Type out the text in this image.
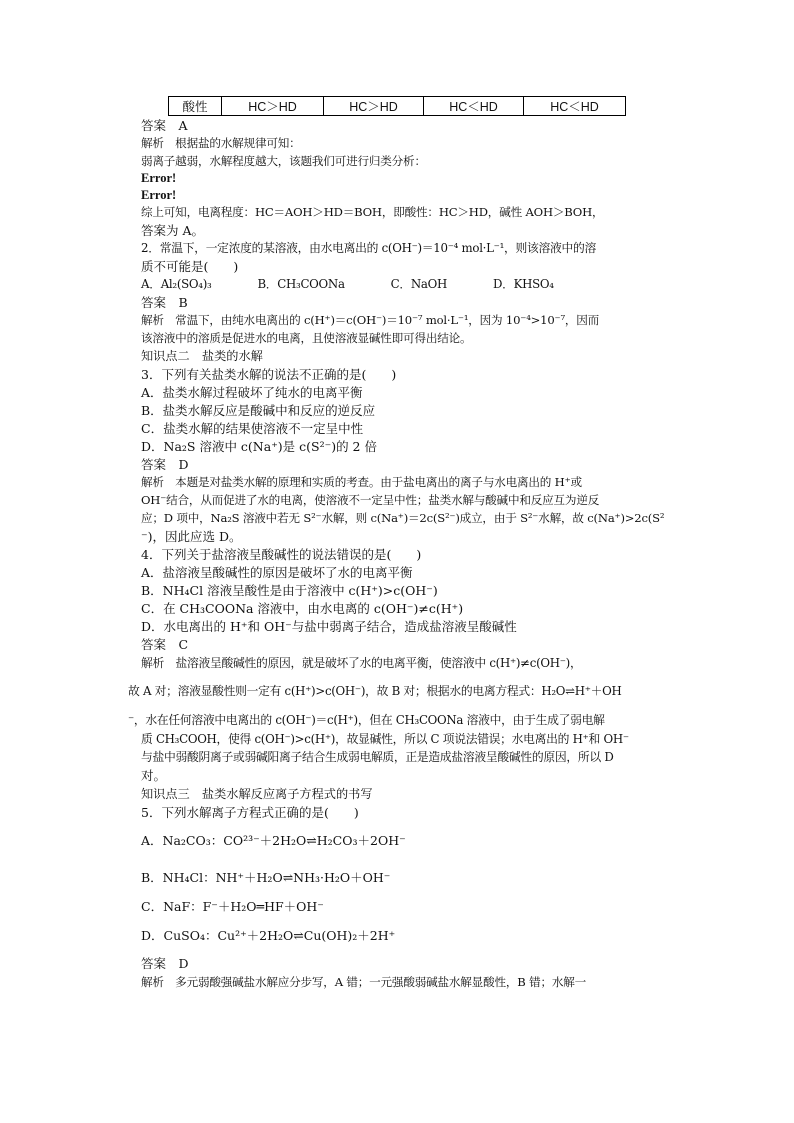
酸性	HC＞HD	HC＞HD	HC＜HD	HC＜HD
答案　A
解析　根据盐的水解规律可知：
弱离子越弱，水解程度越大，该题我们可进行归类分析：
Error!
Error!
综上可知，电离程度：HC＝AOH＞HD＝BOH，即酸性：HC＞HD，碱性 AOH＞BOH，
答案为 A。
2．常温下，一定浓度的某溶液，由水电离出的 c(OH⁻)＝10⁻⁴ mol·L⁻¹，则该溶液中的溶
质不可能是(　　)
A．Al₂(SO₄)₃　　　　B．CH₃COONa　　　　C．NaOH　　　　D．KHSO₄
答案　B
解析　常温下，由纯水电离出的 c(H⁺)＝c(OH⁻)＝10⁻⁷ mol·L⁻¹，因为 10⁻⁴>10⁻⁷，因而
该溶液中的溶质是促进水的电离，且使溶液显碱性即可得出结论。
知识点二　盐类的水解
3．下列有关盐类水解的说法不正确的是(　　)
A．盐类水解过程破坏了纯水的电离平衡
B．盐类水解反应是酸碱中和反应的逆反应
C．盐类水解的结果使溶液不一定呈中性
D．Na₂S 溶液中 c(Na⁺)是 c(S²⁻)的 2 倍
答案　D
解析　本题是对盐类水解的原理和实质的考查。由于盐电离出的离子与水电离出的 H⁺或
OH⁻结合，从而促进了水的电离，使溶液不一定呈中性；盐类水解与酸碱中和反应互为逆反
应；D 项中，Na₂S 溶液中若无 S²⁻水解，则 c(Na⁺)＝2c(S²⁻)成立，由于 S²⁻水解，故 c(Na⁺)>2c(S²
⁻)，因此应选 D。
4．下列关于盐溶液呈酸碱性的说法错误的是(　　)
A．盐溶液呈酸碱性的原因是破坏了水的电离平衡
B．NH₄Cl 溶液呈酸性是由于溶液中 c(H⁺)>c(OH⁻)
C．在 CH₃COONa 溶液中，由水电离的 c(OH⁻)≠c(H⁺)
D．水电离出的 H⁺和 OH⁻与盐中弱离子结合，造成盐溶液呈酸碱性
答案　C
解析　盐溶液呈酸碱性的原因，就是破坏了水的电离平衡，使溶液中 c(H⁺)≠c(OH⁻)，
故 A 对；溶液显酸性则一定有 c(H⁺)>c(OH⁻)，故 B 对；根据水的电离方程式：H₂O⇌H⁺＋OH
⁻，水在任何溶液中电离出的 c(OH⁻)＝c(H⁺)，但在 CH₃COONa 溶液中，由于生成了弱电解
质 CH₃COOH，使得 c(OH⁻)>c(H⁺)，故显碱性，所以 C 项说法错误；水电离出的 H⁺和 OH⁻
与盐中弱酸阴离子或弱碱阳离子结合生成弱电解质，正是造成盐溶液呈酸碱性的原因，所以 D
对。
知识点三　盐类水解反应离子方程式的书写
5．下列水解离子方程式正确的是(　　)
A．Na₂CO₃：CO²³⁻＋2H₂O⇌H₂CO₃＋2OH⁻
B．NH₄Cl：NH⁺＋H₂O⇌NH₃·H₂O＋OH⁻
C．NaF：F⁻＋H₂O═HF＋OH⁻
D．CuSO₄：Cu²⁺＋2H₂O⇌Cu(OH)₂＋2H⁺
答案　D
解析　多元弱酸强碱盐水解应分步写，A 错；一元强酸弱碱盐水解显酸性，B 错；水解一
